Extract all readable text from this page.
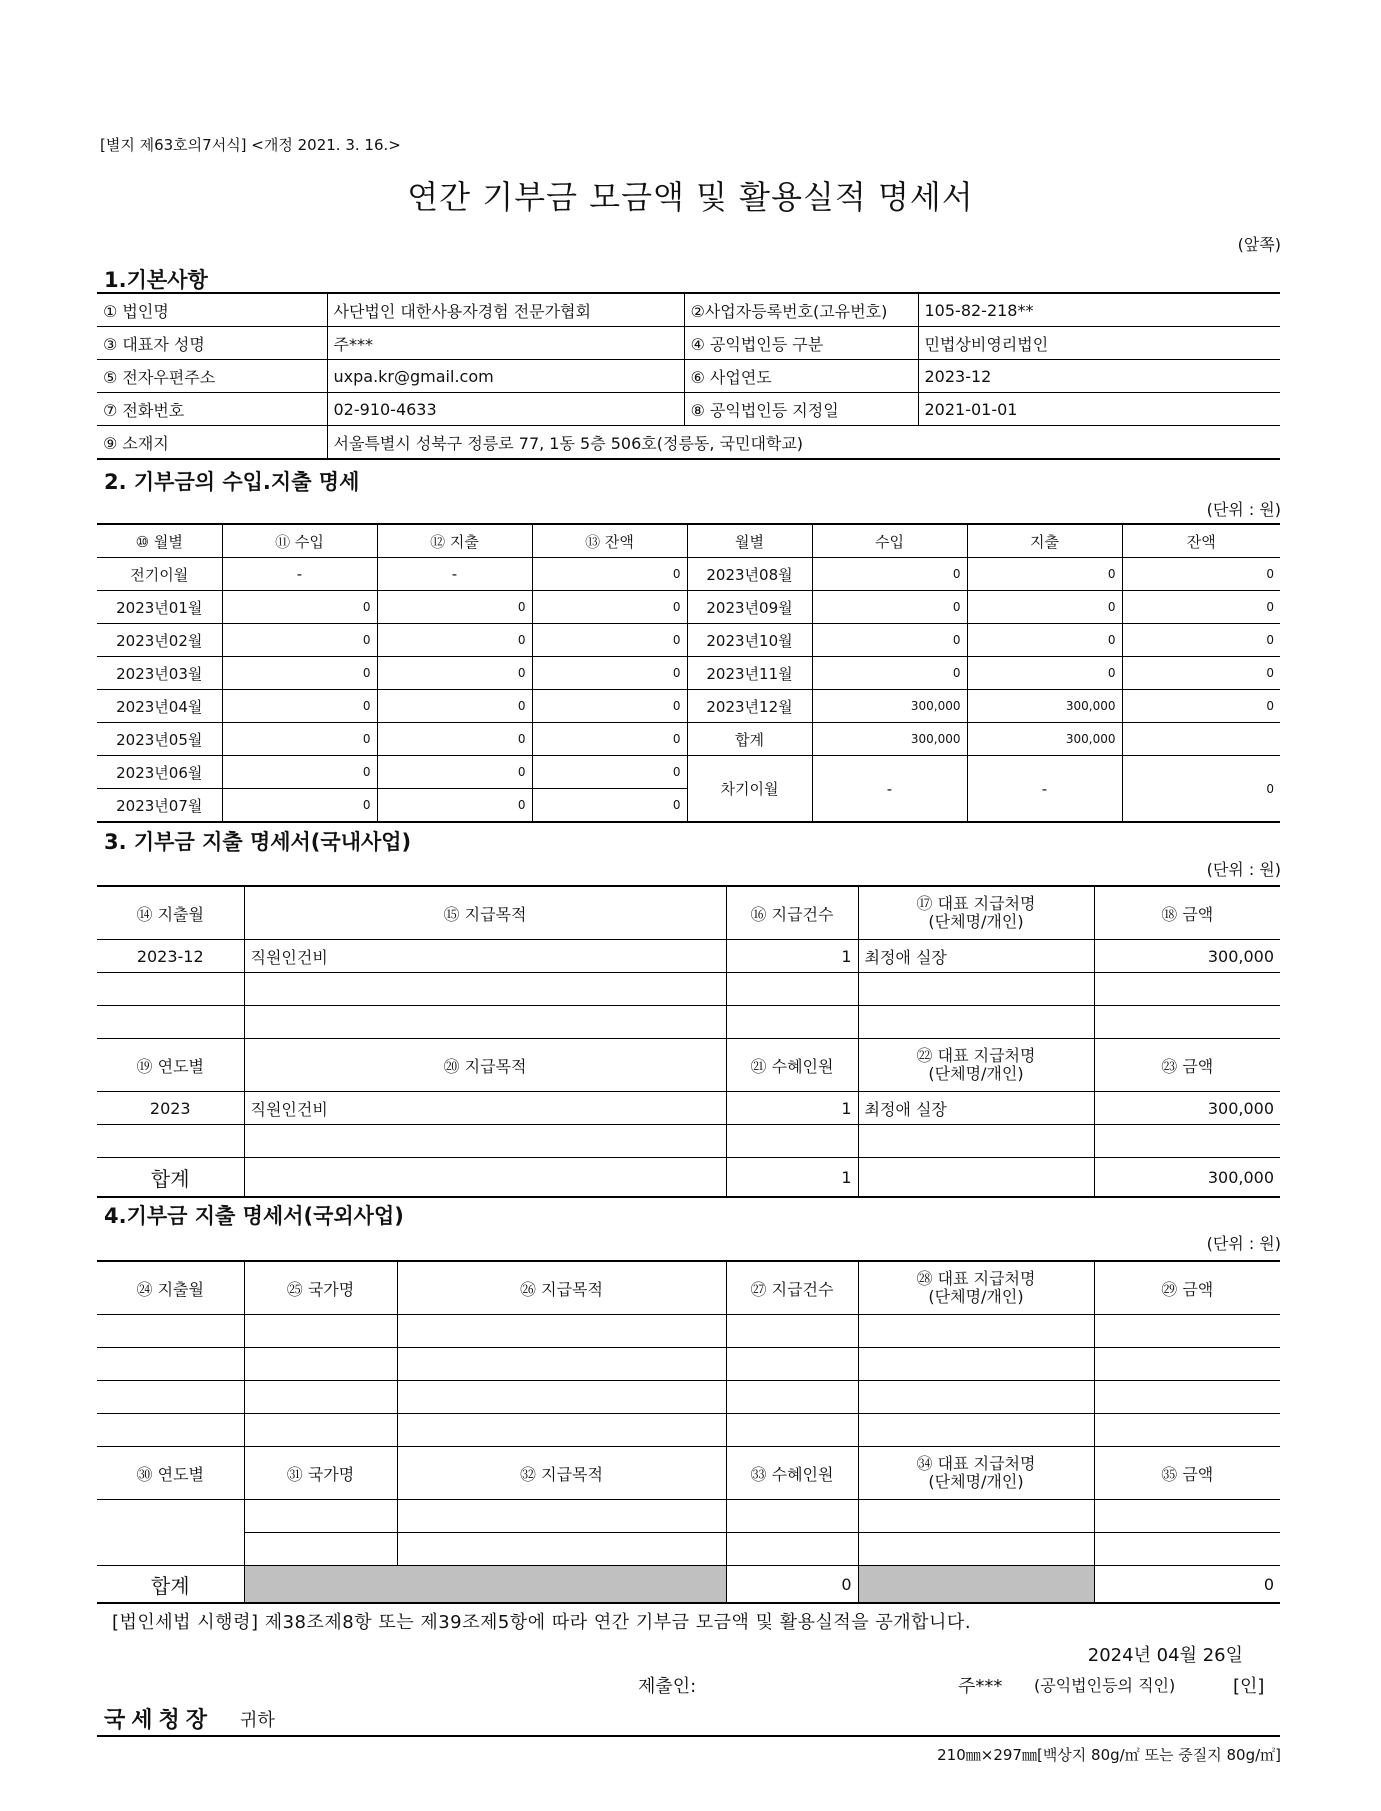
[별지 제63호의7서식] <개정 2021. 3. 16.>
연간 기부금 모금액 및 활용실적 명세서
(앞쪽)
1.기본사항
① 법인명	사단법인 대한사용자경험 전문가협회	②사업자등록번호(고유번호)	105-82-218**
③ 대표자 성명	주***	④ 공익법인등 구분	민법상비영리법인
⑤ 전자우편주소	uxpa.kr@gmail.com	⑥ 사업연도	2023-12
⑦ 전화번호	02-910-4633	⑧ 공익법인등 지정일	2021-01-01
⑨ 소재지	서울특별시 성북구 정릉로 77, 1동 5층 506호(정릉동, 국민대학교)		
2. 기부금의 수입.지출 명세
(단위 : 원)
⑩ 월별	⑪ 수입	⑫ 지출	⑬ 잔액	월별	수입	지출	잔액
전기이월	-	-	0	2023년08월	0	0	0
2023년01월	0	0	0	2023년09월	0	0	0
2023년02월	0	0	0	2023년10월	0	0	0
2023년03월	0	0	0	2023년11월	0	0	0
2023년04월	0	0	0	2023년12월	300,000	300,000	0
2023년05월	0	0	0	합계	300,000	300,000	
2023년06월	0	0	0	차기이월	-	-	0
2023년07월	0	0	0				
3. 기부금 지출 명세서(국내사업)
(단위 : 원)
⑭ 지출월	⑮ 지급목적	⑯ 지급건수	⑰ 대표 지급처명
(단체명/개인)	⑱ 금액
2023-12	직원인건비	1	최정애 실장	300,000

⑲ 연도별	⑳ 지급목적	㉑ 수혜인원	㉒ 대표 지급처명
(단체명/개인)	㉓ 금액
2023	직원인건비	1	최정애 실장	300,000

합계		1		300,000
4.기부금 지출 명세서(국외사업)
(단위 : 원)
㉔ 지출월	㉕ 국가명	㉖ 지급목적	㉗ 지급건수	㉘ 대표 지급처명
(단체명/개인)	㉙ 금액

㉚ 연도별	㉛ 국가명	㉜ 지급목적	㉝ 수혜인원	㉞ 대표 지급처명
(단체명/개인)	㉟ 금액

합계			0		0
[법인세법 시행령] 제38조제8항 또는 제39조제5항에 따라 연간 기부금 모금액 및 활용실적을 공개합니다.
2024년 04월 26일
제출인:	주*** (공익법인등의 직인)	[인]
국세청장 귀하
210㎜×297㎜[백상지 80g/㎡ 또는 중질지 80g/㎡]
